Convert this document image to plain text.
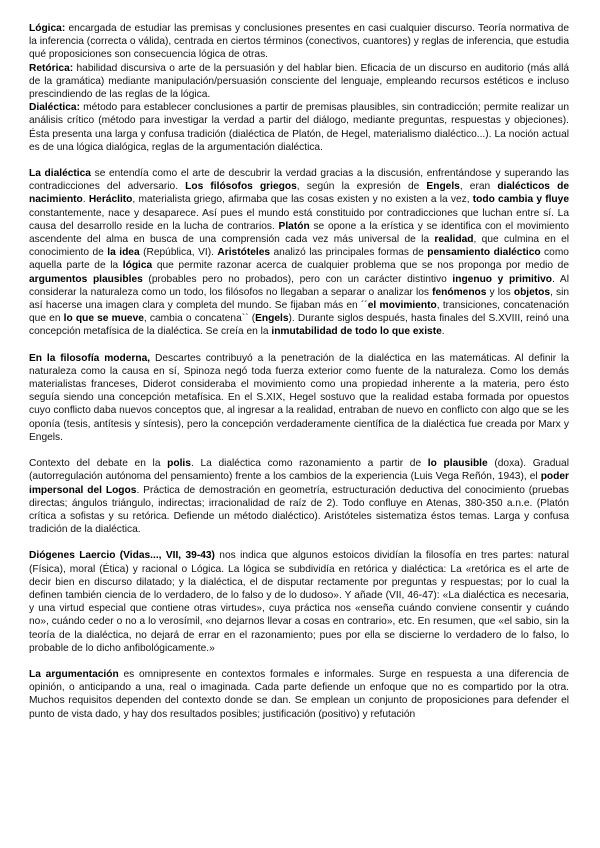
Lógica: encargada de estudiar las premisas y conclusiones presentes en casi cualquier discurso. Teoría normativa de la inferencia (correcta o válida), centrada en ciertos términos (conectivos, cuantores) y reglas de inferencia, que estudia qué proposiciones son consecuencia lógica de otras.

Retórica: habilidad discursiva o arte de la persuasión y del hablar bien. Eficacia de un discurso en auditorio (más allá de la gramática) mediante manipulación/persuasión consciente del lenguaje, empleando recursos estéticos e incluso prescindiendo de las reglas de la lógica.

Dialéctica: método para establecer conclusiones a partir de premisas plausibles, sin contradicción; permite realizar un análisis crítico (método para investigar la verdad a partir del diálogo, mediante preguntas, respuestas y objeciones). Ésta presenta una larga y confusa tradición (dialéctica de Platón, de Hegel, materialismo dialéctico...). La noción actual es de una lógica dialógica, reglas de la argumentación dialéctica.

La dialéctica se entendía como el arte de descubrir la verdad gracias a la discusión, enfrentándose y superando las contradicciones del adversario. Los filósofos griegos, según la expresión de Engels, eran dialécticos de nacimiento. Heráclito, materialista griego, afirmaba que las cosas existen y no existen a la vez, todo cambia y fluye constantemente, nace y desaparece. Así pues el mundo está constituido por contradicciones que luchan entre sí. La causa del desarrollo reside en la lucha de contrarios. Platón se opone a la erística y se identifica con el movimiento ascendente del alma en busca de una comprensión cada vez más universal de la realidad, que culmina en el conocimiento de la idea (República, VI). Aristóteles analizó las principales formas de pensamiento dialéctico como aquella parte de la lógica que permite razonar acerca de cualquier problema que se nos proponga por medio de argumentos plausibles (probables pero no probados), pero con un carácter distintivo ingenuo y primitivo. Al considerar la naturaleza como un todo, los filósofos no llegaban a separar o analizar los fenómenos y los objetos, sin así hacerse una imagen clara y completa del mundo. Se fijaban más en ´´el movimiento, transiciones, concatenación que en lo que se mueve, cambia o concatena`` (Engels). Durante siglos después, hasta finales del S.XVIII, reinó una concepción metafísica de la dialéctica. Se creía en la inmutabilidad de todo lo que existe.

En la filosofía moderna, Descartes contribuyó a la penetración de la dialéctica en las matemáticas. Al definir la naturaleza como la causa en sí, Spinoza negó toda fuerza exterior como fuente de la naturaleza. Como los demás materialistas franceses, Diderot consideraba el movimiento como una propiedad inherente a la materia, pero ésto seguía siendo una concepción metafísica. En el S.XIX, Hegel sostuvo que la realidad estaba formada por opuestos cuyo conflicto daba nuevos conceptos que, al ingresar a la realidad, entraban de nuevo en conflicto con algo que se les oponía (tesis, antítesis y síntesis), pero la concepción verdaderamente científica de la dialéctica fue creada por Marx y Engels.

Contexto del debate en la polis. La dialéctica como razonamiento a partir de lo plausible (doxa). Gradual (autorregulación autónoma del pensamiento) frente a los cambios de la experiencia (Luis Vega Reñón, 1943), el poder impersonal del Logos. Práctica de demostración en geometría, estructuración deductiva del conocimiento (pruebas directas; ángulos triángulo, indirectas; irracionalidad de raíz de 2). Todo confluye en Atenas, 380-350 a.n.e. (Platón crítica a sofistas y su retórica. Defiende un método dialéctico). Aristóteles sistematiza éstos temas. Larga y confusa tradición de la dialéctica.

Diógenes Laercio (Vidas..., VII, 39-43) nos indica que algunos estoicos dividían la filosofía en tres partes: natural (Física), moral (Ética) y racional o Lógica. La lógica se subdividía en retórica y dialéctica: La «retórica es el arte de decir bien en discurso dilatado; y la dialéctica, el de disputar rectamente por preguntas y respuestas; por lo cual la definen también ciencia de lo verdadero, de lo falso y de lo dudoso». Y añade (VII, 46-47): «La dialéctica es necesaria, y una virtud especial que contiene otras virtudes», cuya práctica nos «enseña cuándo conviene consentir y cuándo no», cuándo ceder o no a lo verosímil, «no dejarnos llevar a cosas en contrario», etc. En resumen, que «el sabio, sin la teoría de la dialéctica, no dejará de errar en el razonamiento; pues por ella se discierne lo verdadero de lo falso, lo probable de lo dicho anfibológicamente.»

La argumentación es omnipresente en contextos formales e informales. Surge en respuesta a una diferencia de opinión, o anticipando a una, real o imaginada. Cada parte defiende un enfoque que no es compartido por la otra. Muchos requisitos dependen del contexto donde se dan. Se emplean un conjunto de proposiciones para defender el punto de vista dado, y hay dos resultados posibles; justificación (positivo) y refutación
